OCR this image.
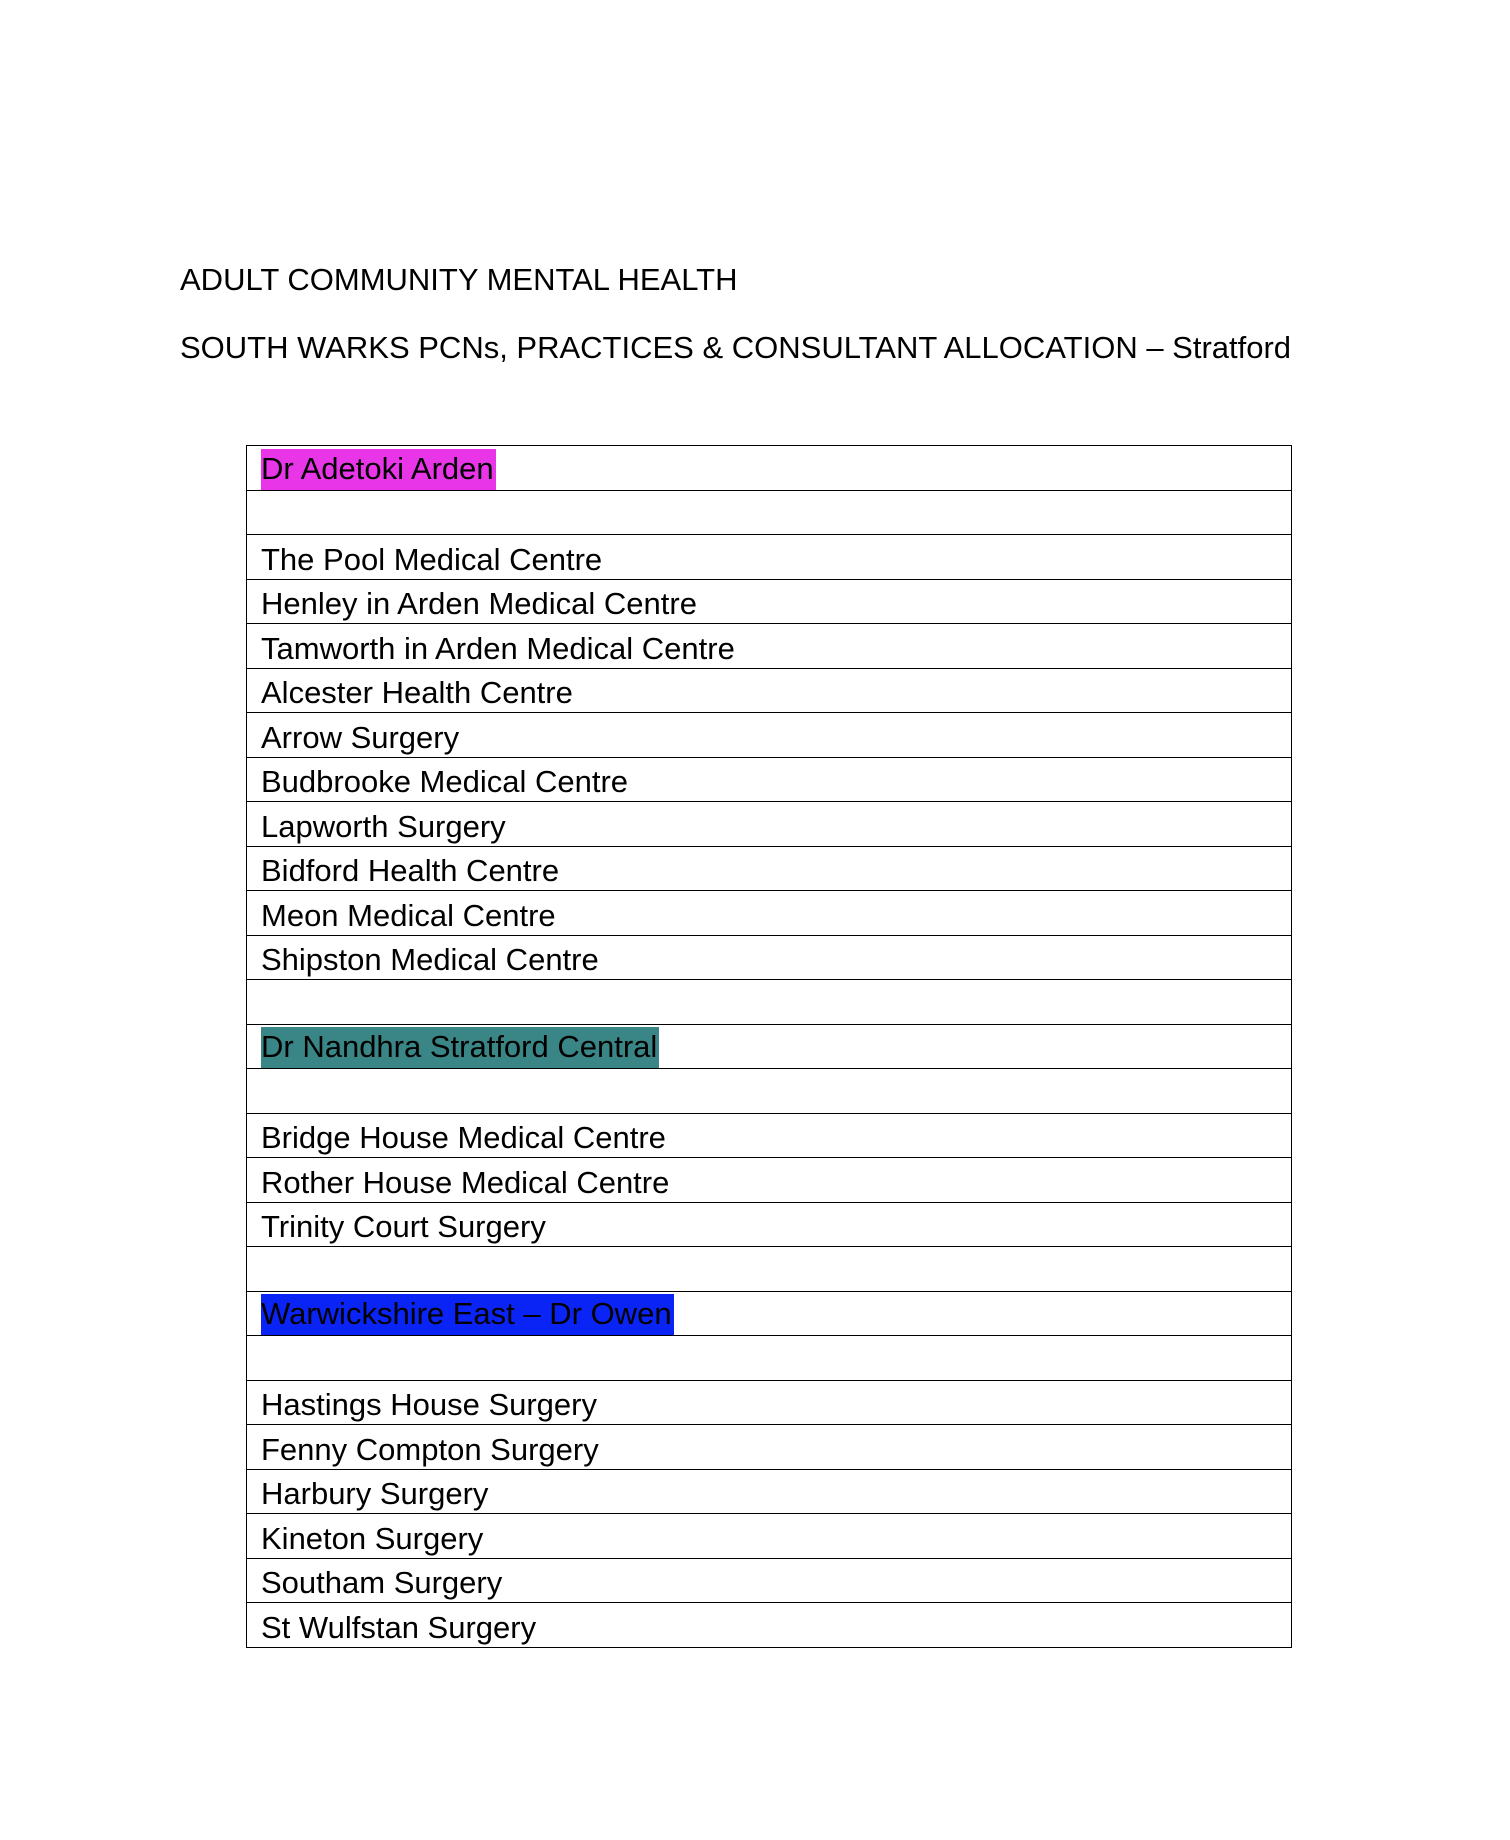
ADULT COMMUNITY MENTAL HEALTH
SOUTH WARKS PCNs, PRACTICES & CONSULTANT ALLOCATION – Stratford
Dr Adetoki Arden

The Pool Medical Centre
Henley in Arden Medical Centre
Tamworth in Arden Medical Centre
Alcester Health Centre
Arrow Surgery
Budbrooke Medical Centre
Lapworth Surgery
Bidford Health Centre
Meon Medical Centre
Shipston Medical Centre

Dr Nandhra Stratford Central

Bridge House Medical Centre
Rother House Medical Centre
Trinity Court Surgery

Warwickshire East – Dr Owen

Hastings House Surgery
Fenny Compton Surgery
Harbury Surgery
Kineton Surgery
Southam Surgery
St Wulfstan Surgery
